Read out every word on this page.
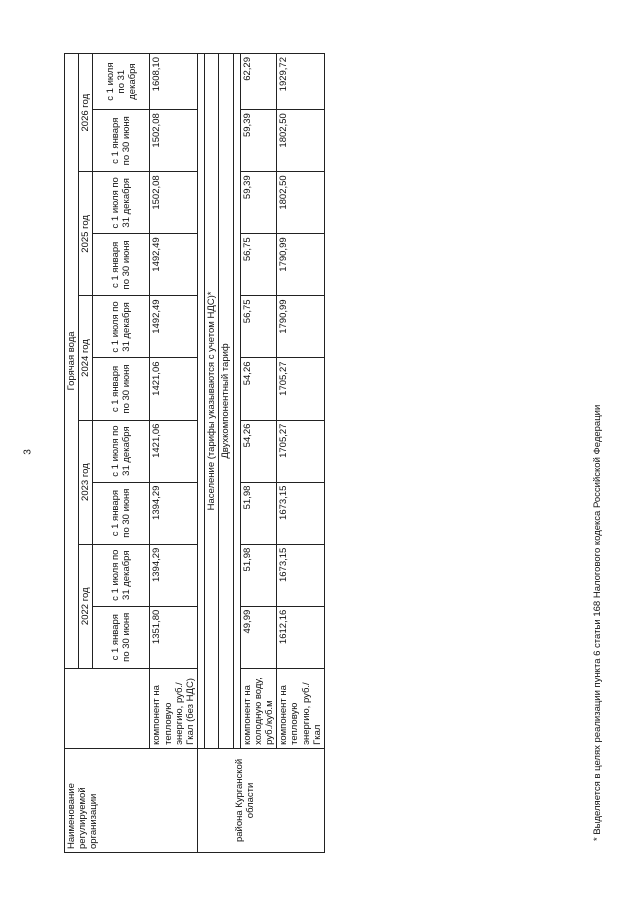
3
Наименование регулируемой организации		Горячая вода									
		2022 год		2023 год		2024 год		2025 год		2026 год	
		с 1 января по 30 июня	с 1 июля по 31 декабря	с 1 января по 30 июня	с 1 июля по 31 декабря	с 1 января по 30 июня	с 1 июля по 31 декабря	с 1 января по 30 июня	с 1 июля по 31 декабря	с 1 января по 30 июня	с 1 июля по 31 декабря
	компонент на тепловую энергию, руб./Гкал (без НДС)	1351,80	1394,29	1394,29	1421,06	1421,06	1492,49	1492,49	1502,08	1502,08	1608,10
района Курганской области											
	Население (тарифы указываются с учетом НДС)*										
	Двухкомпонентный тариф										

	компонент на холодную воду, руб./куб.м	49,99	51,98	51,98	54,26	54,26	56,75	56,75	59,39	59,39	62,29
	компонент на тепловую энергию, руб./Гкал	1612,16	1673,15	1673,15	1705,27	1705,27	1790,99	1790,99	1802,50	1802,50	1929,72
* Выделяется в целях реализации пункта 6 статьи 168 Налогового кодекса Российской Федерации
